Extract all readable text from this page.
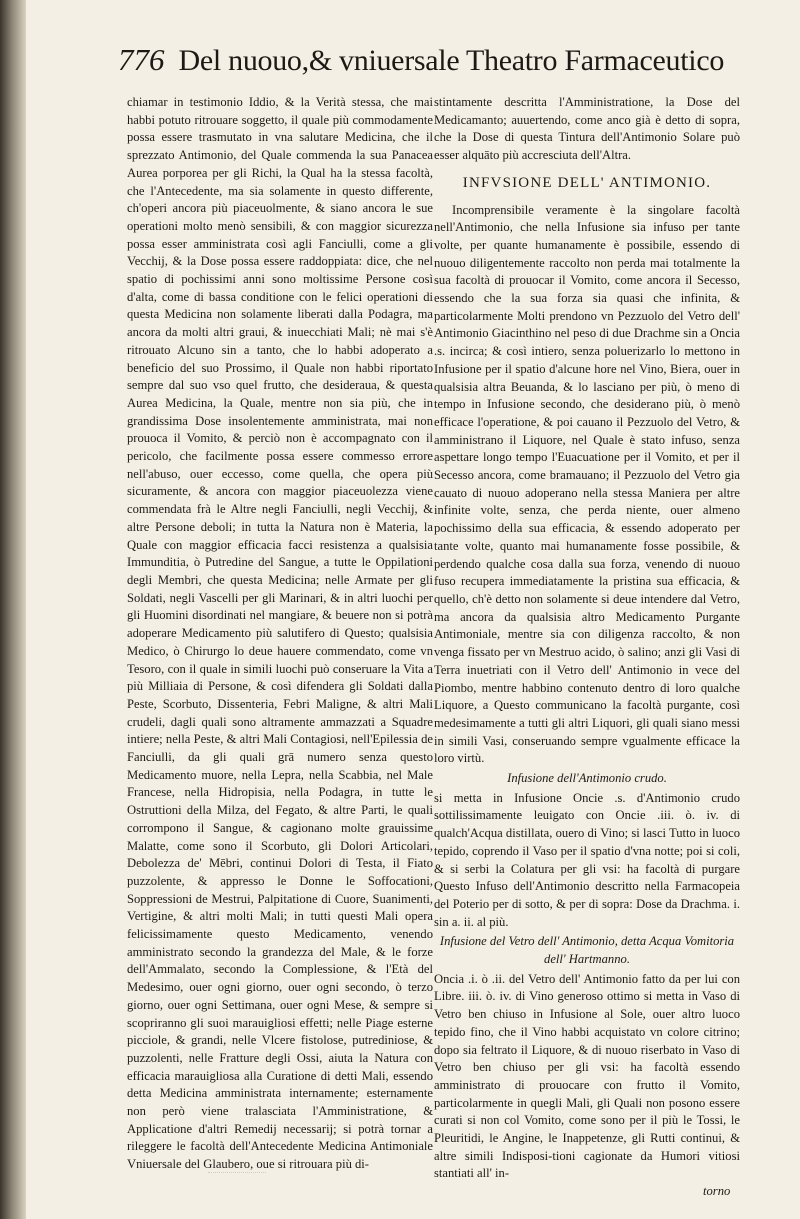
776 Del nuouo,& vniuersale Theatro Farmaceutico

chiamar in testimonio Iddio, & la Verità stessa, che mai habbi potuto ritrouare soggetto, il quale più commodamente possa essere trasmutato in vna salutare Medicina, che il sprezzato Antimonio, del Quale commenda la sua Panacea Aurea porporea per gli Richi, la Qual ha la stessa facoltà, che l'Antecedente, ma sia solamente in questo differente, ch'operi ancora più piaceuolmente, & siano ancora le sue operationi molto menò sensibili, & con maggior sicurezza possa esser amministrata così agli Fanciulli, come a gli Vecchij, & la Dose possa essere raddoppiata: dice, che nel spatio di pochissimi anni sono moltissime Persone così d'alta, come di bassa conditione con le felici operationi di questa Medicina non solamente liberati dalla Podagra, ma ancora da molti altri graui, & inuecchiati Mali; nè mai s'è ritrouato Alcuno sin a tanto, che lo habbi adoperato a beneficio del suo Prossimo, il Quale non habbi riportato sempre dal suo vso quel frutto, che desideraua, & questa Aurea Medicina, la Quale, mentre non sia più, che in grandissima Dose insolentemente amministrata, mai non prouoca il Vomito, & perciò non è accompagnato con il pericolo, che facilmente possa essere commesso errore nell'abuso, ouer eccesso, come quella, che opera più sicuramente, & ancora con maggior piaceuolezza viene commendata frà le Altre negli Fanciulli, negli Vecchij, & altre Persone deboli; in tutta la Natura non è Materia, la Quale con maggior efficacia facci resistenza a qualsisia Immunditia, ò Putredine del Sangue, a tutte le Oppilationi degli Membri, che questa Medicina; nelle Armate per gli Soldati, negli Vascelli per gli Marinari, & in altri luochi per gli Huomini disordinati nel mangiare, & beuere non si potrà adoperare Medicamento più salutifero di Questo; qualsisia Medico, ò Chirurgo lo deue hauere commendato, come vn Tesoro, con il quale in simili luochi può conseruare la Vita a più Milliaia di Persone, & così difendera gli Soldati dalla Peste, Scorbuto, Dissenteria, Febri Maligne, & altri Mali crudeli, dagli quali sono altramente ammazzati a Squadre intiere; nella Peste, & altri Mali Contagiosi, nell'Epilessia de Fanciulli, da gli quali grā numero senza questo Medicamento muore, nella Lepra, nella Scabbia, nel Male Francese, nella Hidropisia, nella Podagra, in tutte le Ostruttioni della Milza, del Fegato, & altre Parti, le quali corrompono il Sangue, & cagionano molte grauissime Malatte, come sono il Scorbuto, gli Dolori Articolari, Debolezza de' Mēbri, continui Dolori di Testa, il Fiato puzzolente, & appresso le Donne le Soffocationi, Soppressioni de Mestrui, Palpitatione di Cuore, Suanimenti, Vertigine, & altri molti Mali; in tutti questi Mali opera felicissimamente questo Medicamento, venendo amministrato secondo la grandezza del Male, & le forze dell'Ammalato, secondo la Complessione, & l'Età del Medesimo, ouer ogni giorno, ouer ogni secondo, ò terzo giorno, ouer ogni Settimana, ouer ogni Mese, & sempre si scopriranno gli suoi marauigliosi effetti; nelle Piage esterne picciole, & grandi, nelle Vlcere fistolose, putrediniose, & puzzolenti, nelle Fratture degli Ossi, aiuta la Natura con efficacia marauigliosa alla Curatione di detti Mali, essendo detta Medicina amministrata internamente; esternamente non però viene tralasciata l'Amministratione, & Applicatione d'altri Remedij necessarij; si potrà tornar a rileggere le facoltà dell'Antecedente Medicina Antimoniale Vniuersale del Glaubero, oue si ritrouara più di-

stintamente descritta l'Amministratione, la Dose del Medicamanto; auuertendo, come anco già è detto di sopra, che la Dose di questa Tintura dell'Antimonio Solare può esser alquāto più accresciuta dell'Altra.

INFVSIONE DELL' ANTIMONIO.

Incomprensibile veramente è la singolare facoltà nell'Antimonio, che nella Infusione sia infuso per tante volte, per quante humanamente è possibile, essendo di nuouo diligentemente raccolto non perda mai totalmente la sua facoltà di prouocar il Vomito, come ancora il Secesso, essendo che la sua forza sia quasi che infinita, & particolarmente Molti prendono vn Pezzuolo del Vetro dell' Antimonio Giacinthino nel peso di due Drachme sin a Oncia .s. incirca; & così intiero, senza poluerizarlo lo mettono in Infusione per il spatio d'alcune hore nel Vino, Biera, ouer in qualsisia altra Beuanda, & lo lasciano per più, ò meno di tempo in Infusione secondo, che desiderano più, ò menò efficace l'operatione, & poi cauano il Pezzuolo del Vetro, & amministrano il Liquore, nel Quale è stato infuso, senza aspettare longo tempo l'Euacuatione per il Vomito, et per il Secesso ancora, come bramauano; il Pezzuolo del Vetro gia cauato di nuouo adoperano nella stessa Maniera per altre infinite volte, senza, che perda niente, ouer almeno pochissimo della sua efficacia, & essendo adoperato per tante volte, quanto mai humanamente fosse possibile, & perdendo qualche cosa dalla sua forza, venendo di nuouo fuso recupera immediatamente la pristina sua efficacia, & quello, ch'è detto non solamente si deue intendere dal Vetro, ma ancora da qualsisia altro Medicamento Purgante Antimoniale, mentre sia con diligenza raccolto, & non venga fissato per vn Mestruo acido, ò salino; anzi gli Vasi di Terra inuetriati con il Vetro dell' Antimonio in vece del Piombo, mentre habbino contenuto dentro di loro qualche Liquore, a Questo communicano la facoltà purgante, così medesimamente a tutti gli altri Liquori, gli quali siano messi in simili Vasi, conseruando sempre vgualmente efficace la loro virtù.

Infusione dell'Antimonio crudo.

si metta in Infusione Oncie .s. d'Antimonio crudo sottilissimamente leuigato con Oncie .iii. ò. iv. di qualch'Acqua distillata, ouero di Vino; si lasci Tutto in luoco tepido, coprendo il Vaso per il spatio d'vna notte; poi si coli, & si serbi la Colatura per gli vsi: ha facoltà di purgare Questo Infuso dell'Antimonio descritto nella Farmacopeia del Poterio per di sotto, & per di sopra: Dose da Drachma. i. sin a. ii. al più.

Infusione del Vetro dell' Antimonio, detta Acqua Vomitoria dell' Hartmanno.

Oncia .i. ò .ii. del Vetro dell' Antimonio fatto da per lui con Libre. iii. ò. iv. di Vino generoso ottimo si metta in Vaso di Vetro ben chiuso in Infusione al Sole, ouer altro luoco tepido fino, che il Vino habbi acquistato vn colore citrino; dopo sia feltrato il Liquore, & di nuouo riserbato in Vaso di Vetro ben chiuso per gli vsi: ha facoltà essendo amministrato di prouocare con frutto il Vomito, particolarmente in quegli Mali, gli Quali non posono essere curati si non col Vomito, come sono per il più le Tossi, le Pleuritidi, le Angine, le Inappetenze, gli Rutti continui, & altre simili Indisposi-tioni cagionate da Humori vitiosi stantiati all' in-

torno
